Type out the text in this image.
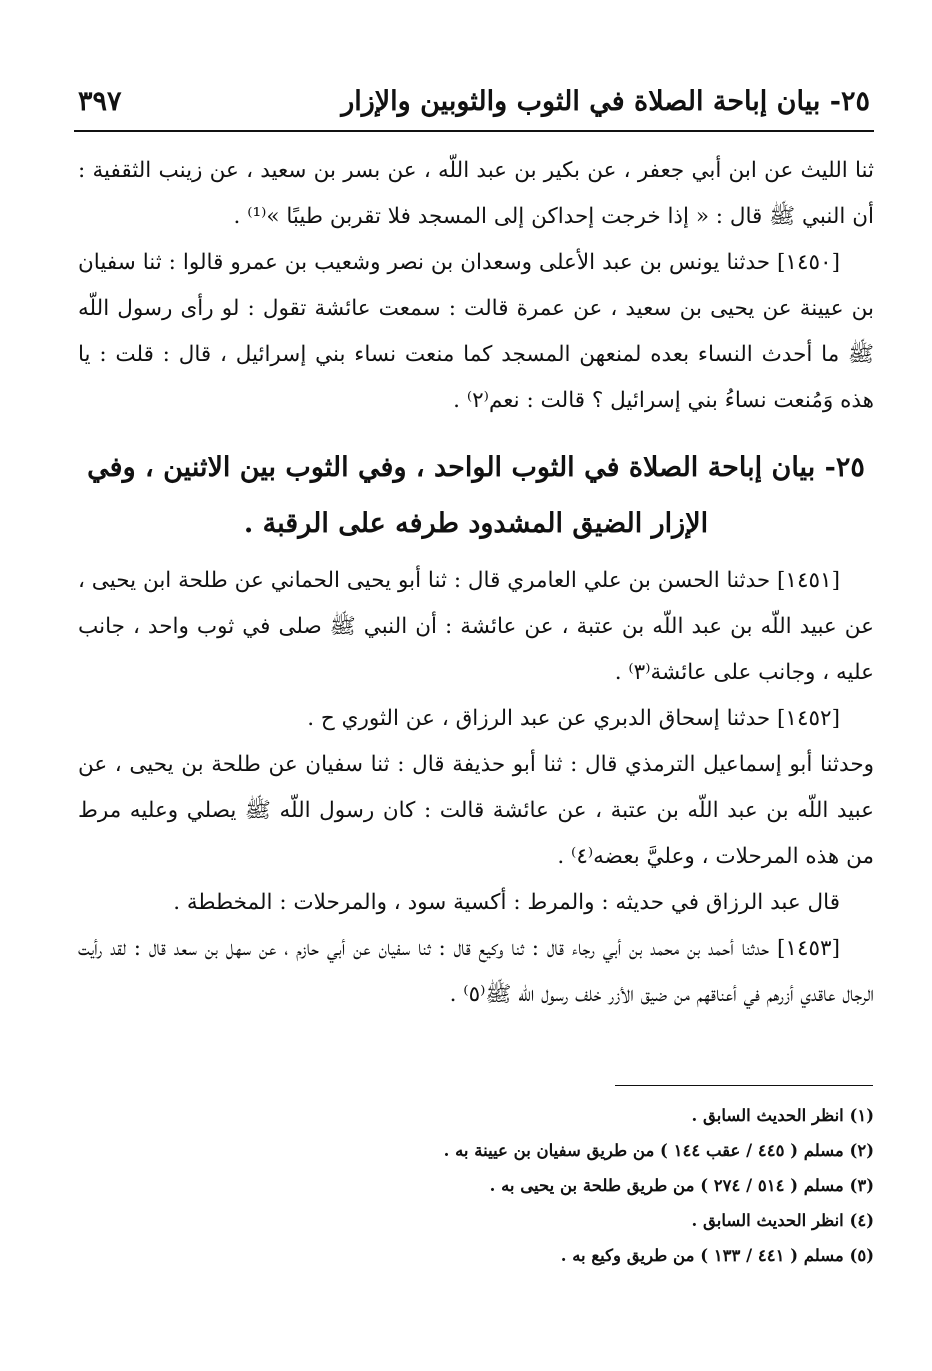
٢٥- بيان إباحة الصلاة في الثوب والثوبين والإزار
٣٩٧

ثنا الليث عن ابن أبي جعفر ، عن بكير بن عبد اللّه ، عن بسر بن سعيد ، عن زينب الثقفية : أن النبي ﷺ قال : « إذا خرجت إحداكن إلى المسجد فلا تقربن طيبًا »⁽¹⁾ .

[١٤٥٠] حدثنا يونس بن عبد الأعلى وسعدان بن نصر وشعيب بن عمرو قالوا : ثنا سفيان بن عيينة عن يحيى بن سعيد ، عن عمرة قالت : سمعت عائشة تقول : لو رأى رسول اللّه ﷺ ما أحدث النساء بعده لمنعهن المسجد كما منعت نساء بني إسرائيل ، قال : قلت : يا هذه وَمُنعت نساءُ بني إسرائيل ؟ قالت : نعم⁽٢⁾ .

٢٥- بيان إباحة الصلاة في الثوب الواحد ، وفي الثوب بين الاثنين ، وفي الإزار الضيق المشدود طرفه على الرقبة .

[١٤٥١] حدثنا الحسن بن علي العامري قال : ثنا أبو يحيى الحماني عن طلحة ابن يحيى ، عن عبيد اللّه بن عبد اللّه بن عتبة ، عن عائشة : أن النبي ﷺ صلى في ثوب واحد ، جانب عليه ، وجانب على عائشة⁽٣⁾ .

[١٤٥٢] حدثنا إسحاق الدبري عن عبد الرزاق ، عن الثوري ح .

وحدثنا أبو إسماعيل الترمذي قال : ثنا أبو حذيفة قال : ثنا سفيان عن طلحة بن يحيى ، عن عبيد اللّه بن عبد اللّه بن عتبة ، عن عائشة قالت : كان رسول اللّه ﷺ يصلي وعليه مرط من هذه المرحلات ، وعليَّ بعضه⁽٤⁾ .

قال عبد الرزاق في حديثه : والمرط : أكسية سود ، والمرحلات : المخططة .

[١٤٥٣] حدثنا أحمد بن محمد بن أبي رجاء قال : ثنا وكيع قال : ثنا سفيان عن أبي حازم ، عن سهل بن سعد قال : لقد رأيت الرجال عاقدي أزرهم في أعناقهم من ضيق الأزر خلف رسول اللّه ﷺ⁽٥⁾ .

(١) انظر الحديث السابق .
(٢) مسلم ( ٤٤٥ / عقب ١٤٤ ) من طريق سفيان بن عيينة به .
(٣) مسلم ( ٥١٤ / ٢٧٤ ) من طريق طلحة بن يحيى به .
(٤) انظر الحديث السابق .
(٥) مسلم ( ٤٤١ / ١٣٣ ) من طريق وكيع به .
